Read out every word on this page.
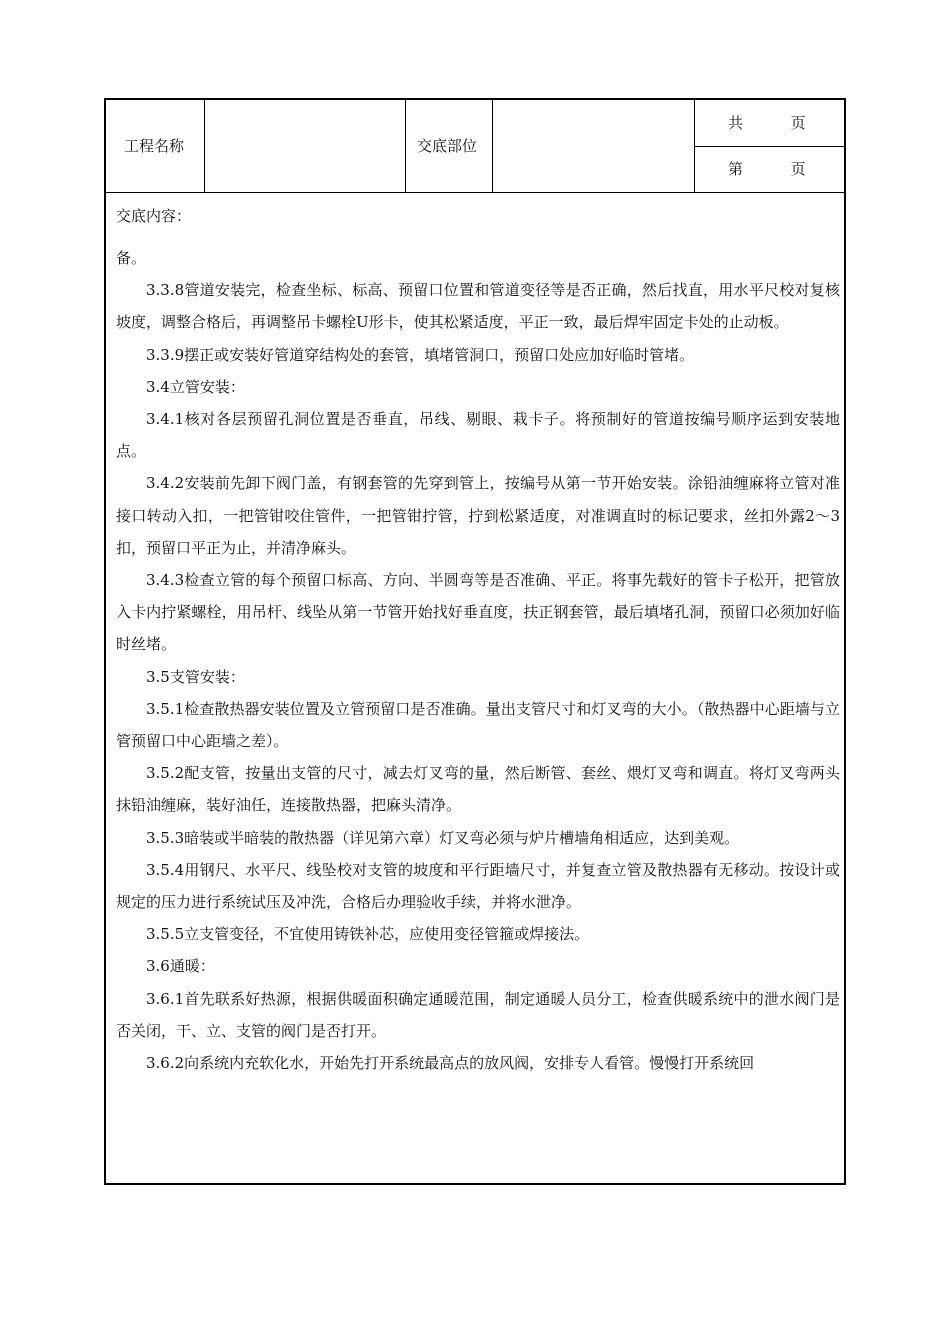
工程名称	交底部位
共          页
第          页
交底内容：

备。

3.3.8管道安装完，检查坐标、标高、预留口位置和管道变径等是否正确，然后找直，用水平尺校对复核坡度，调整合格后，再调整吊卡螺栓U形卡，使其松紧适度，平正一致，最后焊牢固定卡处的止动板。

3.3.9摆正或安装好管道穿结构处的套管，填堵管洞口，预留口处应加好临时管堵。

3.4立管安装：

3.4.1核对各层预留孔洞位置是否垂直，吊线、剔眼、栽卡子。将预制好的管道按编号顺序运到安装地点。

3.4.2安装前先卸下阀门盖，有钢套管的先穿到管上，按编号从第一节开始安装。涂铅油缠麻将立管对准接口转动入扣，一把管钳咬住管件，一把管钳拧管，拧到松紧适度，对准调直时的标记要求，丝扣外露2～3扣，预留口平正为止，并清净麻头。

3.4.3检查立管的每个预留口标高、方向、半圆弯等是否准确、平正。将事先载好的管卡子松开，把管放入卡内拧紧螺栓，用吊杆、线坠从第一节管开始找好垂直度，扶正钢套管，最后填堵孔洞，预留口必须加好临时丝堵。

3.5支管安装：

3.5.1检查散热器安装位置及立管预留口是否准确。量出支管尺寸和灯叉弯的大小。（散热器中心距墙与立管预留口中心距墙之差）。

3.5.2配支管，按量出支管的尺寸，减去灯叉弯的量，然后断管、套丝、煨灯叉弯和调直。将灯叉弯两头抹铅油缠麻，装好油任，连接散热器，把麻头清净。

3.5.3暗装或半暗装的散热器（详见第六章）灯叉弯必须与炉片槽墙角相适应，达到美观。

3.5.4用钢尺、水平尺、线坠校对支管的坡度和平行距墙尺寸，并复查立管及散热器有无移动。按设计或规定的压力进行系统试压及冲洗，合格后办理验收手续，并将水泄净。

3.5.5立支管变径，不宜使用铸铁补芯，应使用变径管箍或焊接法。

3.6通暖：

3.6.1首先联系好热源，根据供暖面积确定通暖范围，制定通暖人员分工，检查供暖系统中的泄水阀门是否关闭，干、立、支管的阀门是否打开。

3.6.2向系统内充软化水，开始先打开系统最高点的放风阀，安排专人看管。慢慢打开系统回
